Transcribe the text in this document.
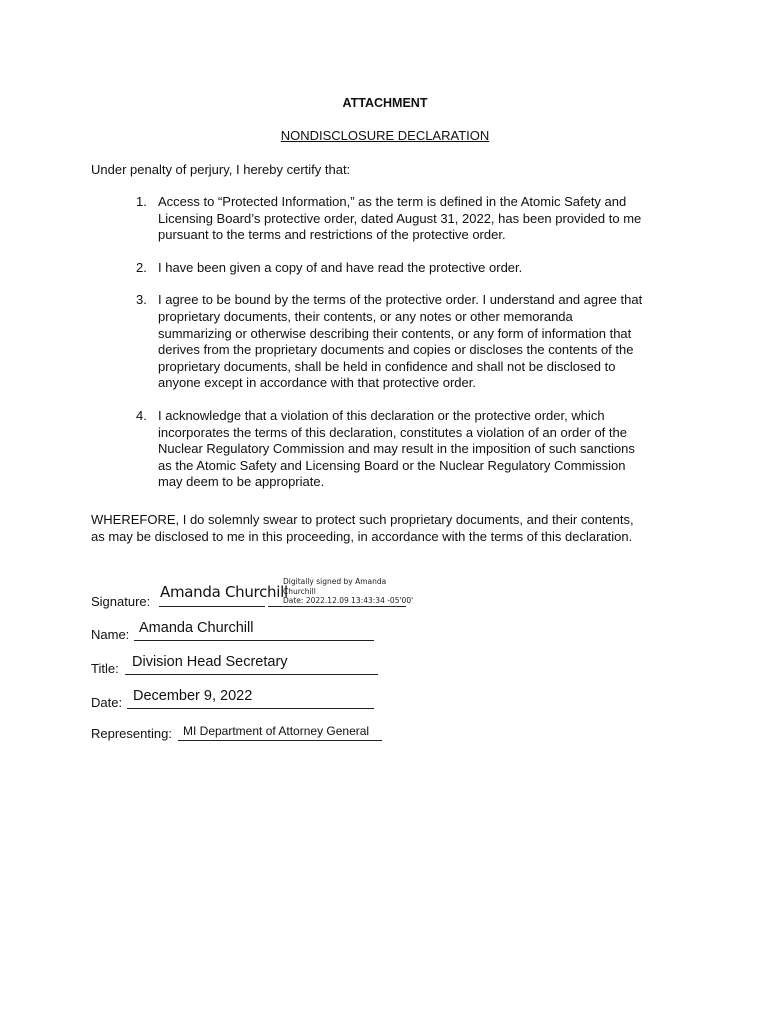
ATTACHMENT
NONDISCLOSURE DECLARATION
Under penalty of perjury, I hereby certify that:
1. Access to “Protected Information,” as the term is defined in the Atomic Safety and
Licensing Board’s protective order, dated August 31, 2022, has been provided to me
pursuant to the terms and restrictions of the protective order.
2. I have been given a copy of and have read the protective order.
3. I agree to be bound by the terms of the protective order. I understand and agree that
proprietary documents, their contents, or any notes or other memoranda
summarizing or otherwise describing their contents, or any form of information that
derives from the proprietary documents and copies or discloses the contents of the
proprietary documents, shall be held in confidence and shall not be disclosed to
anyone except in accordance with that protective order.
4. I acknowledge that a violation of this declaration or the protective order, which
incorporates the terms of this declaration, constitutes a violation of an order of the
Nuclear Regulatory Commission and may result in the imposition of such sanctions
as the Atomic Safety and Licensing Board or the Nuclear Regulatory Commission
may deem to be appropriate.
WHEREFORE, I do solemnly swear to protect such proprietary documents, and their contents,
as may be disclosed to me in this proceeding, in accordance with the terms of this declaration.
Signature:
Amanda Churchill
Digitally signed by Amanda
Churchill
Date: 2022.12.09 13:43:34 -05'00'
Name: Amanda Churchill
Title: Division Head Secretary
Date: December 9, 2022
Representing: MI Department of Attorney General
